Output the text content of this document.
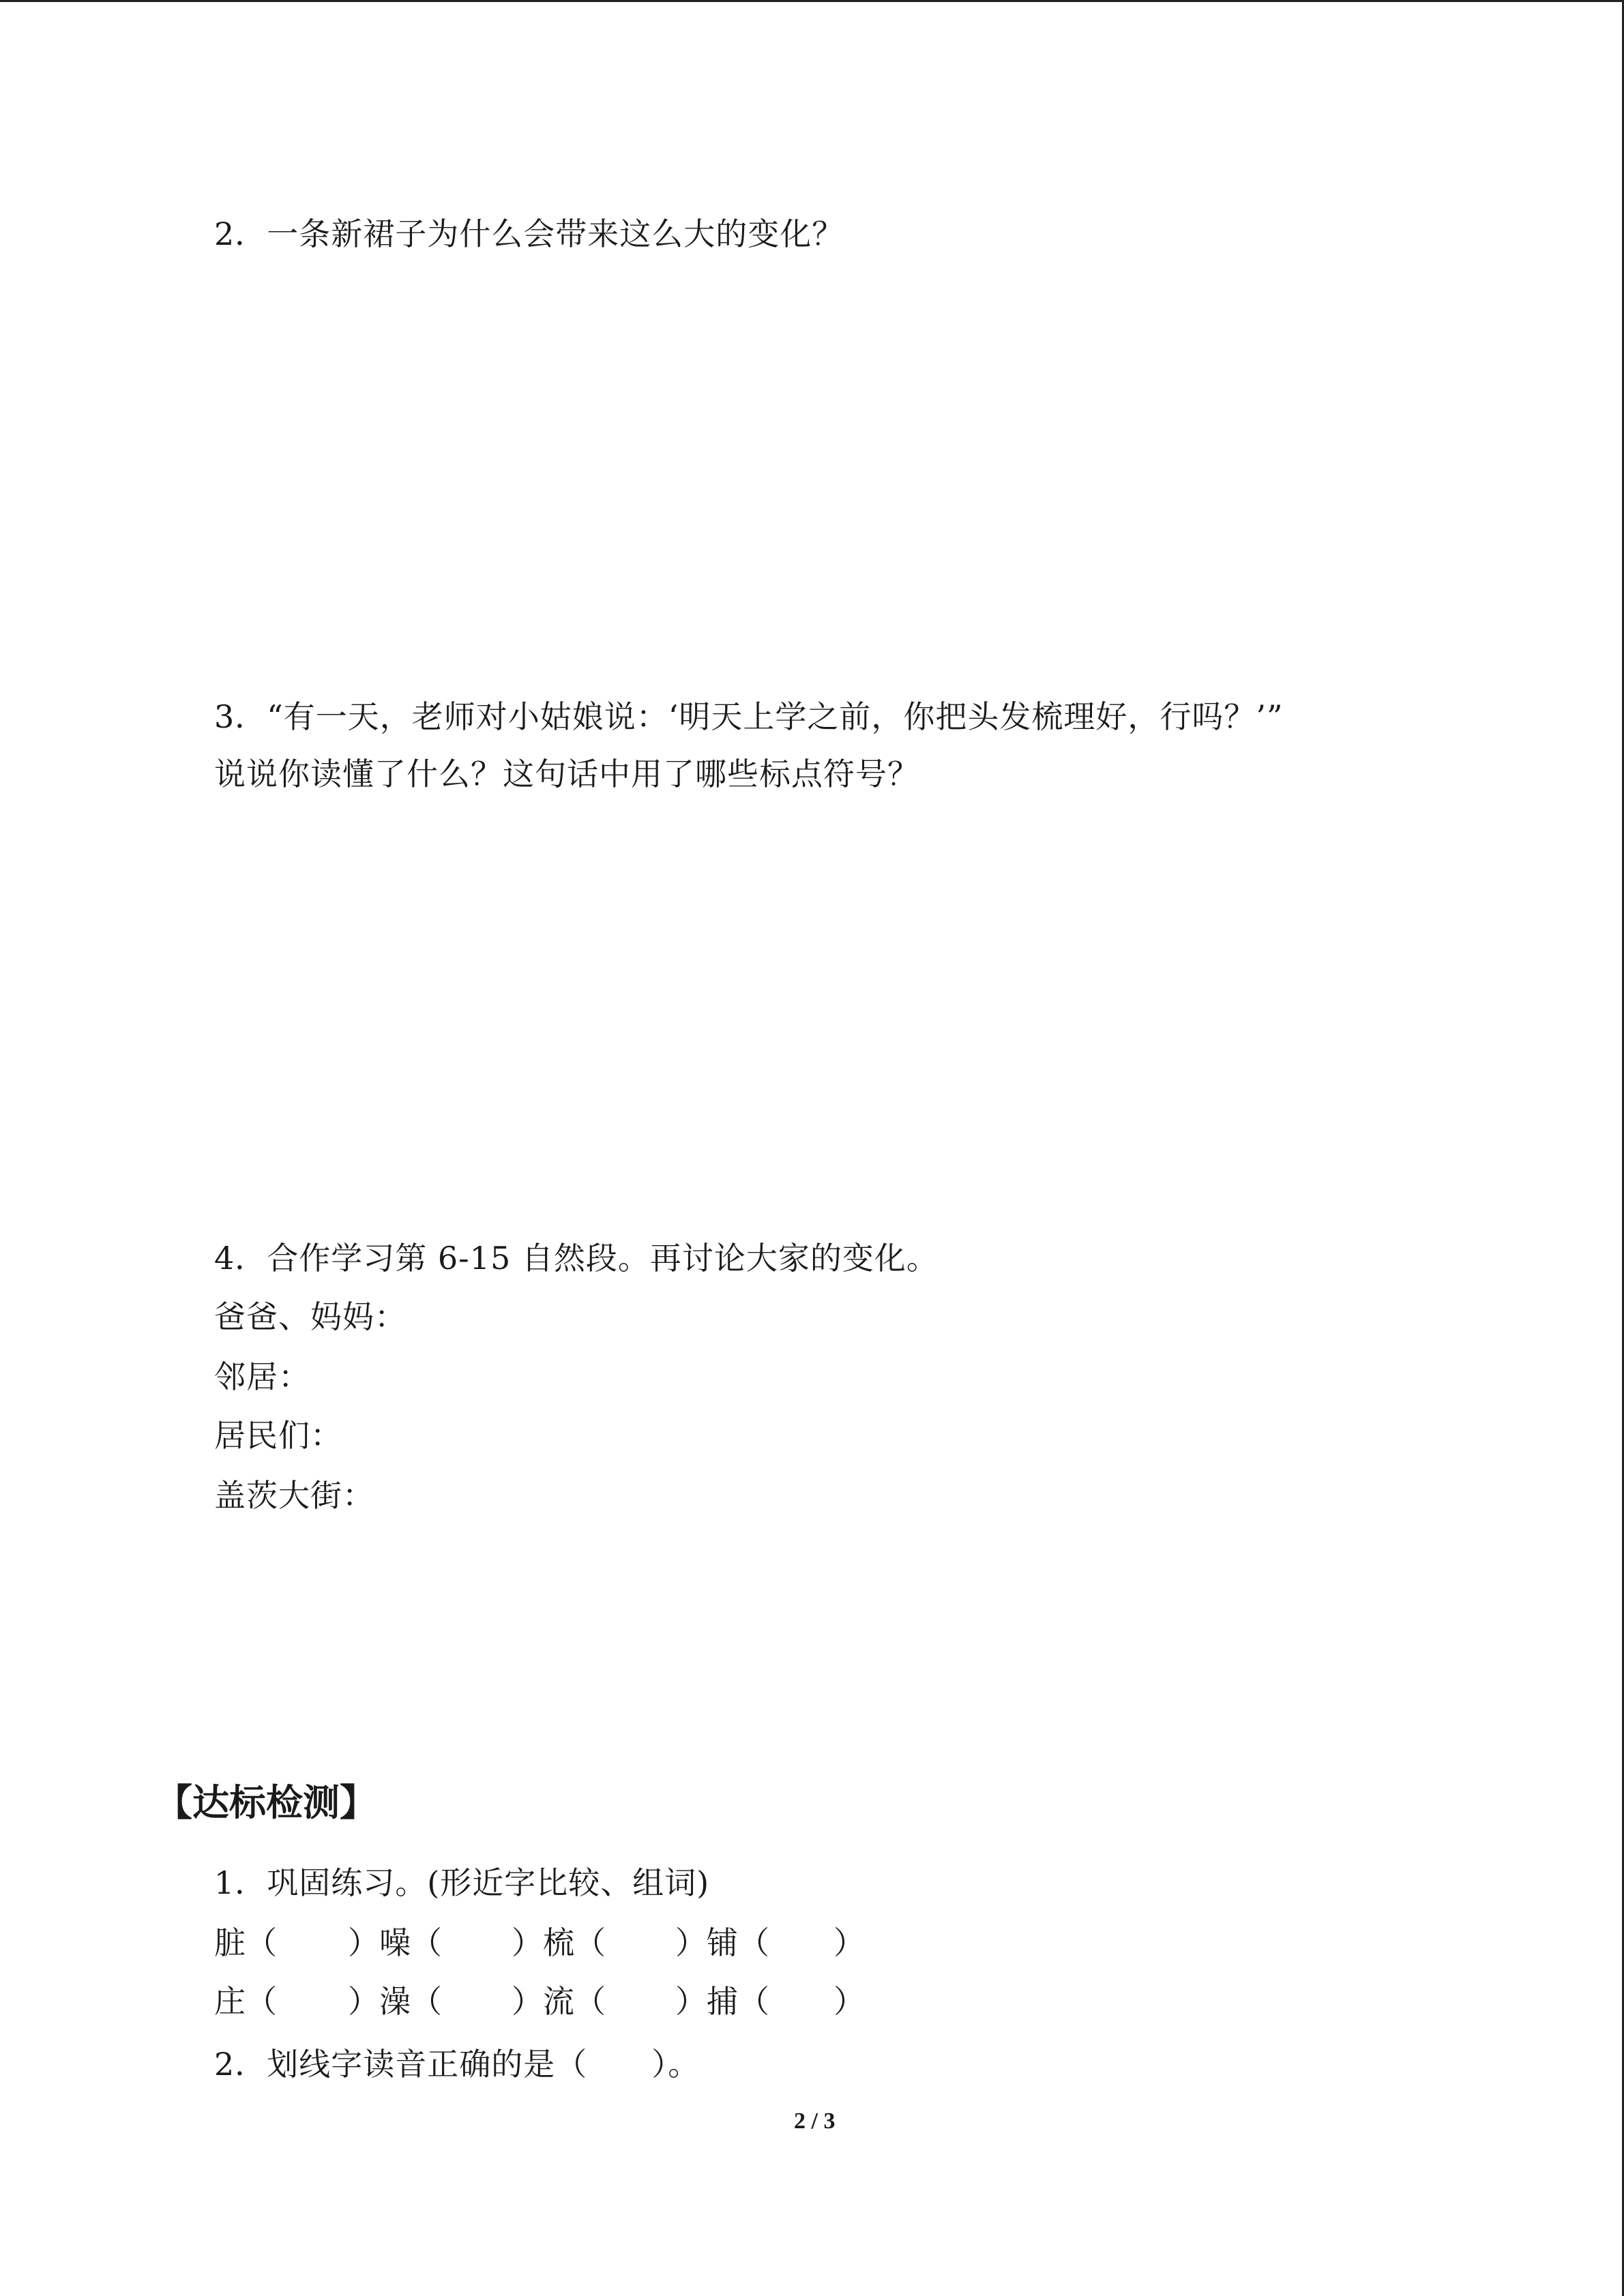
2．一条新裙子为什么会带来这么大的变化？
3．“有一天，老师对小姑娘说：‘明天上学之前，你把头发梳理好，行吗？’”
说说你读懂了什么？这句话中用了哪些标点符号？
4．合作学习第 6-15 自然段。再讨论大家的变化。
爸爸、妈妈：
邻居：
居民们：
盖茨大街：
【达标检测】
1．巩固练习。(形近字比较、组词)
脏（ ）噪（ ）梳（ ）铺（ ）
庄（ ）澡（ ）流（ ）捕（ ）
2．划线字读音正确的是（　　）。
2 / 3
